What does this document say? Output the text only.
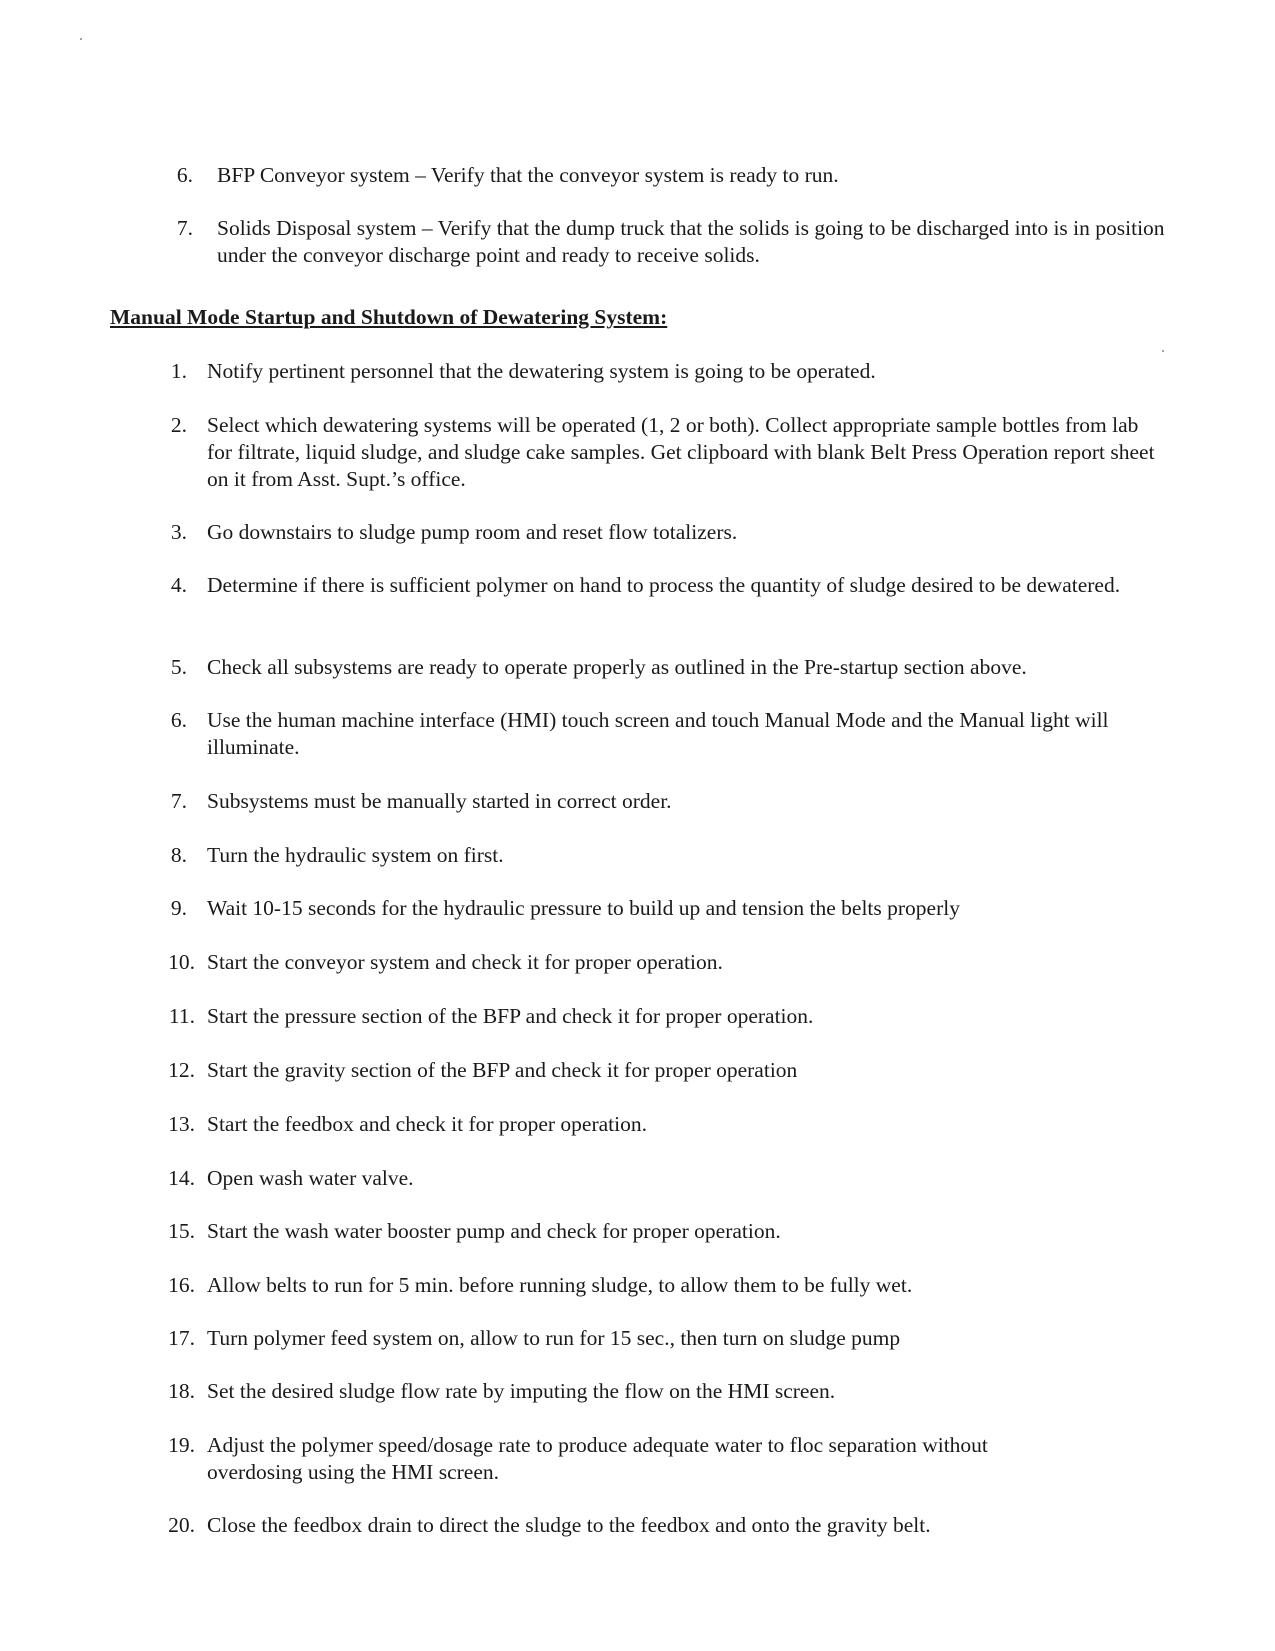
6. BFP Conveyor system – Verify that the conveyor system is ready to run.
7. Solids Disposal system – Verify that the dump truck that the solids is going to be discharged into is in position under the conveyor discharge point and ready to receive solids.
Manual Mode Startup and Shutdown of Dewatering System:
1. Notify pertinent personnel that the dewatering system is going to be operated.
2. Select which dewatering systems will be operated (1, 2 or both). Collect appropriate sample bottles from lab for filtrate, liquid sludge, and sludge cake samples. Get clipboard with blank Belt Press Operation report sheet on it from Asst. Supt.’s office.
3. Go downstairs to sludge pump room and reset flow totalizers.
4. Determine if there is sufficient polymer on hand to process the quantity of sludge desired to be dewatered.
5. Check all subsystems are ready to operate properly as outlined in the Pre-startup section above.
6. Use the human machine interface (HMI) touch screen and touch Manual Mode and the Manual light will illuminate.
7. Subsystems must be manually started in correct order.
8. Turn the hydraulic system on first.
9. Wait 10-15 seconds for the hydraulic pressure to build up and tension the belts properly
10. Start the conveyor system and check it for proper operation.
11. Start the pressure section of the BFP and check it for proper operation.
12. Start the gravity section of the BFP and check it for proper operation
13. Start the feedbox and check it for proper operation.
14. Open wash water valve.
15. Start the wash water booster pump and check for proper operation.
16. Allow belts to run for 5 min. before running sludge, to allow them to be fully wet.
17. Turn polymer feed system on, allow to run for 15 sec., then turn on sludge pump
18. Set the desired sludge flow rate by imputing the flow on the HMI screen.
19. Adjust the polymer speed/dosage rate to produce adequate water to floc separation without overdosing using the HMI screen.
20. Close the feedbox drain to direct the sludge to the feedbox and onto the gravity belt.
